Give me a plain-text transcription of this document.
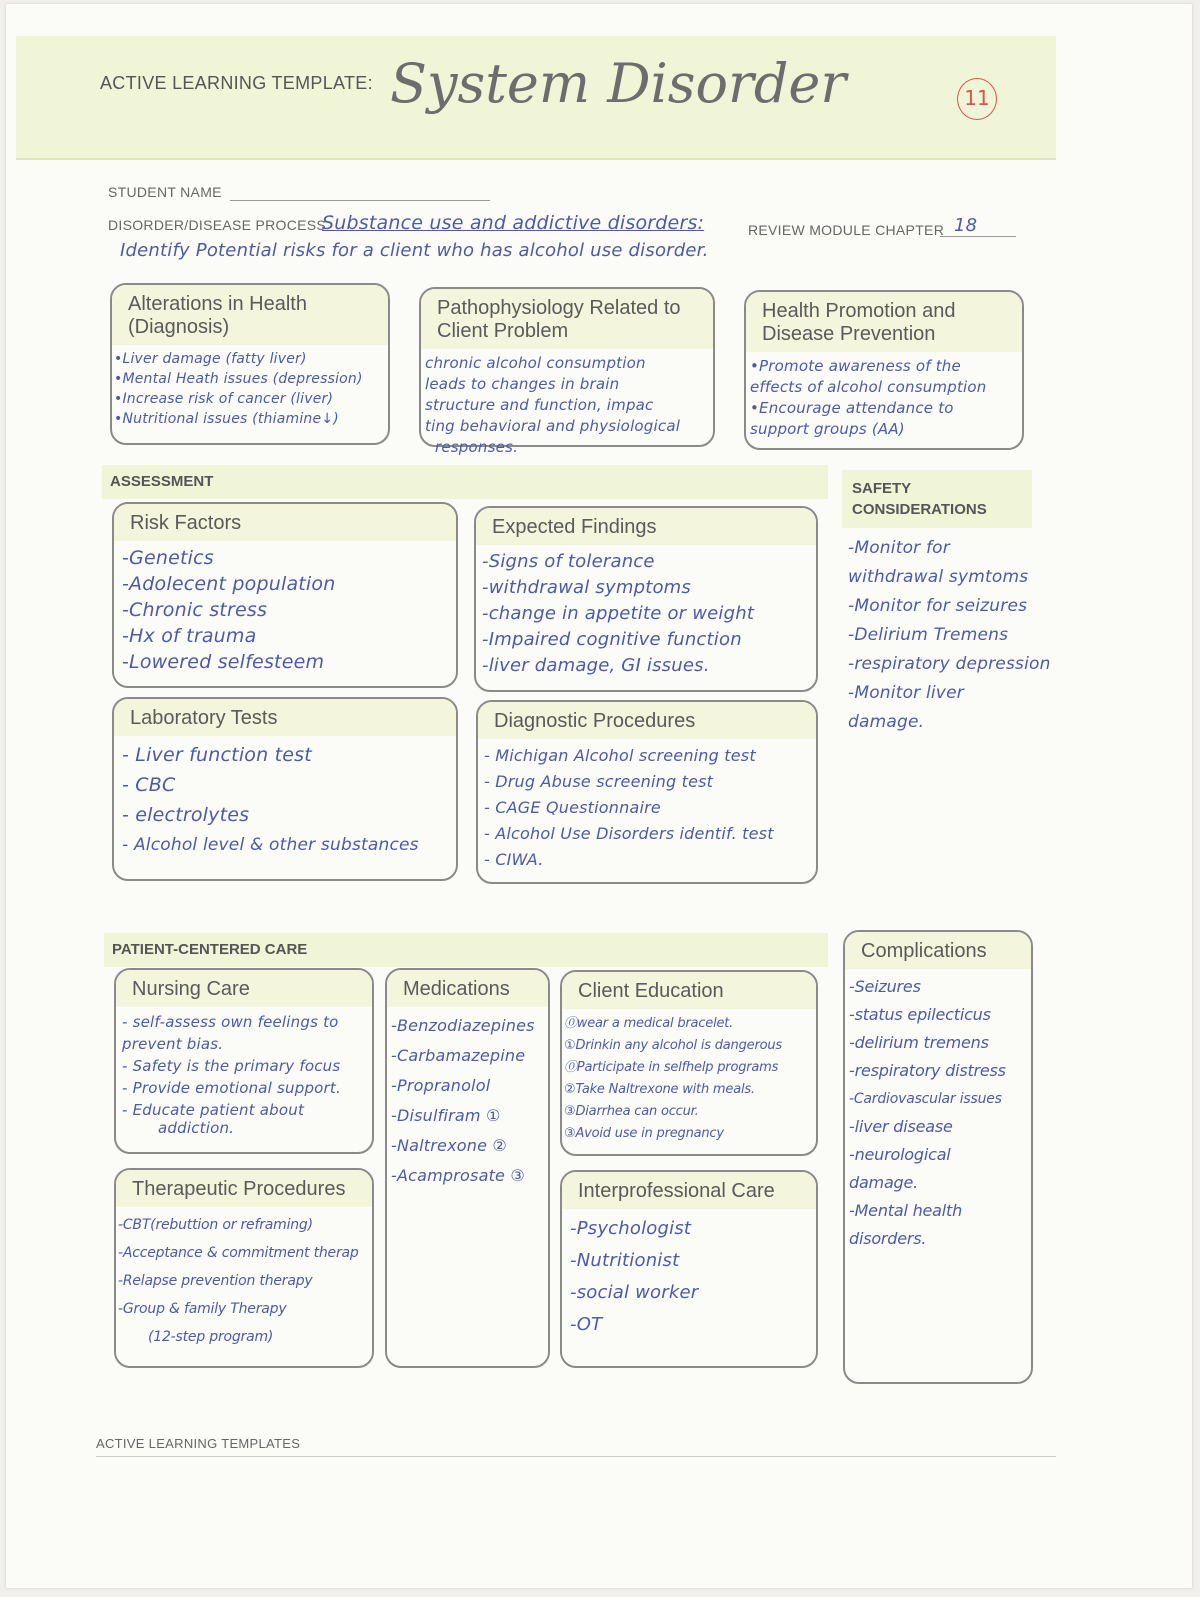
ACTIVE LEARNING TEMPLATE: System Disorder	11
STUDENT NAME
DISORDER/DISEASE PROCESS
Substance use and addictive disorders:	REVIEW MODULE CHAPTER 18
Identify Potential risks for a client who has alcohol use disorder.
Alterations in Health (Diagnosis)
•Liver damage (fatty liver)
•Mental Heath issues (depression)
•Increase risk of cancer (liver)
•Nutritional issues (thiamine↓)
Pathophysiology Related to Client Problem
chronic alcohol consumption
leads to changes in brain
structure and function, impac
ting behavioral and physiological
responses.
Health Promotion and Disease Prevention
•Promote awareness of the
effects of alcohol consumption
•Encourage attendance to
support groups (AA)
ASSESSMENT
Risk Factors
-Genetics
-Adolecent population
-Chronic stress
-Hx of trauma
-Lowered selfesteem
Expected Findings
-Signs of tolerance
-withdrawal symptoms
-change in appetite or weight
-Impaired cognitive function
-liver damage, GI issues.
Laboratory Tests
- Liver function test
- CBC
- electrolytes
- Alcohol level & other substances
Diagnostic Procedures
- Michigan Alcohol screening test
- Drug Abuse screening test
- CAGE Questionnaire
- Alcohol Use Disorders identif. test
- CIWA.
SAFETY CONSIDERATIONS
-Monitor for
withdrawal symtoms
-Monitor for seizures
-Delirium Tremens
-respiratory depression
-Monitor liver
damage.
PATIENT-CENTERED CARE
Nursing Care
- self-assess own feelings to
prevent bias.
- Safety is the primary focus
- Provide emotional support.
- Educate patient about
addiction.
Medications
-Benzodiazepines
-Carbamazepine
-Propranolol
-Disulfiram ①
-Naltrexone ②
-Acamprosate ③
Client Education
⓪wear a medical bracelet.
①Drinkin any alcohol is dangerous
⓪Participate in selfhelp programs
②Take Naltrexone with meals.
③Diarrhea can occur.
③Avoid use in pregnancy
Therapeutic Procedures
-CBT(rebuttion or reframing)
-Acceptance & commitment therap
-Relapse prevention therapy
-Group & family Therapy
(12-step program)
Interprofessional Care
-Psychologist
-Nutritionist
-social worker
-OT
Complications
-Seizures
-status epilecticus
-delirium tremens
-respiratory distress
-Cardiovascular issues
-liver disease
-neurological
damage.
-Mental health
disorders.
ACTIVE LEARNING TEMPLATES
